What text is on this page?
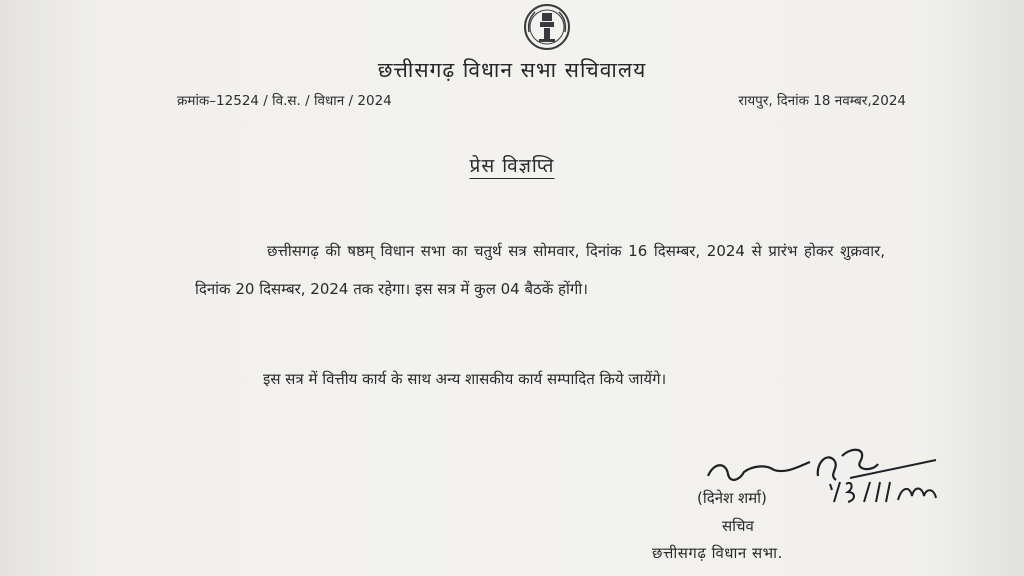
छत्तीसगढ़ विधान सभा सचिवालय
क्रमांक–12524 / वि.स. / विधान / 2024	रायपुर, दिनांक 18 नवम्बर,2024
प्रेस विज्ञप्ति
छत्तीसगढ़ की षष्ठम् विधान सभा का चतुर्थ सत्र सोमवार, दिनांक 16 दिसम्बर, 2024 से प्रारंभ होकर शुक्रवार, दिनांक 20 दिसम्बर, 2024 तक रहेगा। इस सत्र में कुल 04 बैठकें होंगी।
इस सत्र में वित्तीय कार्य के साथ अन्य शासकीय कार्य सम्पादित किये जायेंगे।
(दिनेश शर्मा)
सचिव
छत्तीसगढ़ विधान सभा.
